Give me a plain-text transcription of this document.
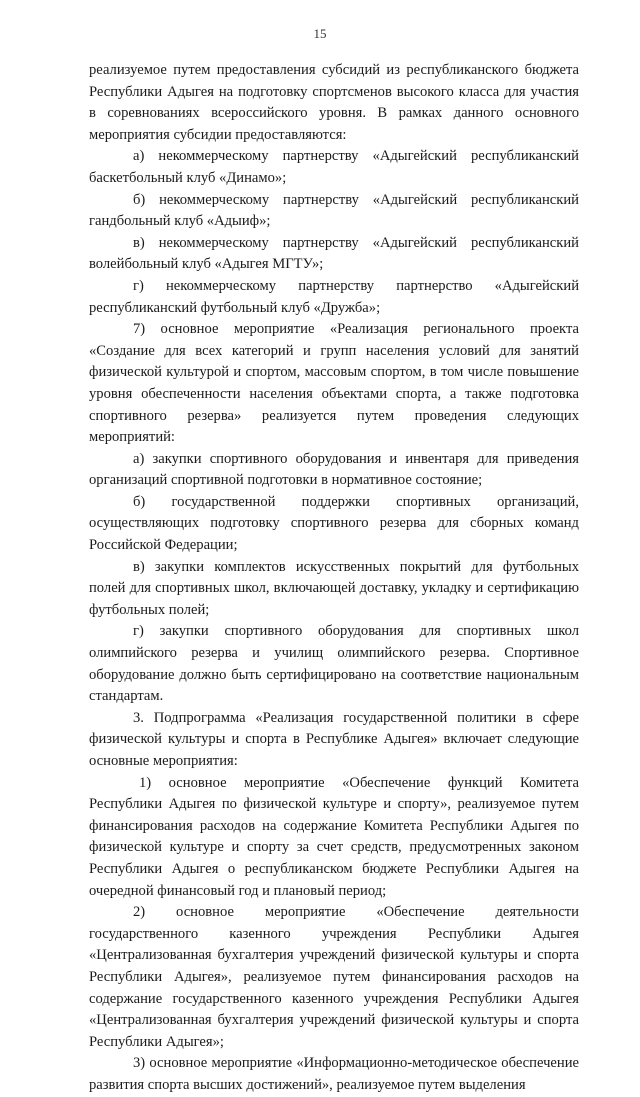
15

реализуемое путем предоставления субсидий из республиканского бюджета Республики Адыгея на подготовку спортсменов высокого класса для участия в соревнованиях всероссийского уровня. В рамках данного основного мероприятия субсидии предоставляются:

а) некоммерческому партнерству «Адыгейский республиканский баскетбольный клуб «Динамо»;

б) некоммерческому партнерству «Адыгейский республиканский гандбольный клуб «Адыиф»;

в) некоммерческому партнерству «Адыгейский республиканский волейбольный клуб «Адыгея МГТУ»;

г) некоммерческому партнерству партнерство «Адыгейский республиканский футбольный клуб «Дружба»;

7) основное мероприятие «Реализация регионального проекта «Создание для всех категорий и групп населения условий для занятий физической культурой и спортом, массовым спортом, в том числе повышение уровня обеспеченности населения объектами спорта, а также подготовка спортивного резерва» реализуется путем проведения следующих мероприятий:

а) закупки спортивного оборудования и инвентаря для приведения организаций спортивной подготовки в нормативное состояние;

б) государственной поддержки спортивных организаций, осуществляющих подготовку спортивного резерва для сборных команд Российской Федерации;

в) закупки комплектов искусственных покрытий для футбольных полей для спортивных школ, включающей доставку, укладку и сертификацию футбольных полей;

г) закупки спортивного оборудования для спортивных школ олимпийского резерва и училищ олимпийского резерва. Спортивное оборудование должно быть сертифицировано на соответствие национальным стандартам.

3. Подпрограмма «Реализация государственной политики в сфере физической культуры и спорта в Республике Адыгея» включает следующие основные мероприятия:

1) основное мероприятие «Обеспечение функций Комитета Республики Адыгея по физической культуре и спорту», реализуемое путем финансирования расходов на содержание Комитета Республики Адыгея по физической культуре и спорту за счет средств, предусмотренных законом Республики Адыгея о республиканском бюджете Республики Адыгея на очередной финансовый год и плановый период;

2) основное мероприятие «Обеспечение деятельности государственного казенного учреждения Республики Адыгея «Централизованная бухгалтерия учреждений физической культуры и спорта Республики Адыгея», реализуемое путем финансирования расходов на содержание государственного казенного учреждения Республики Адыгея «Централизованная бухгалтерия учреждений физической культуры и спорта Республики Адыгея»;

3) основное мероприятие «Информационно-методическое обеспечение развития спорта высших достижений», реализуемое путем выделения
